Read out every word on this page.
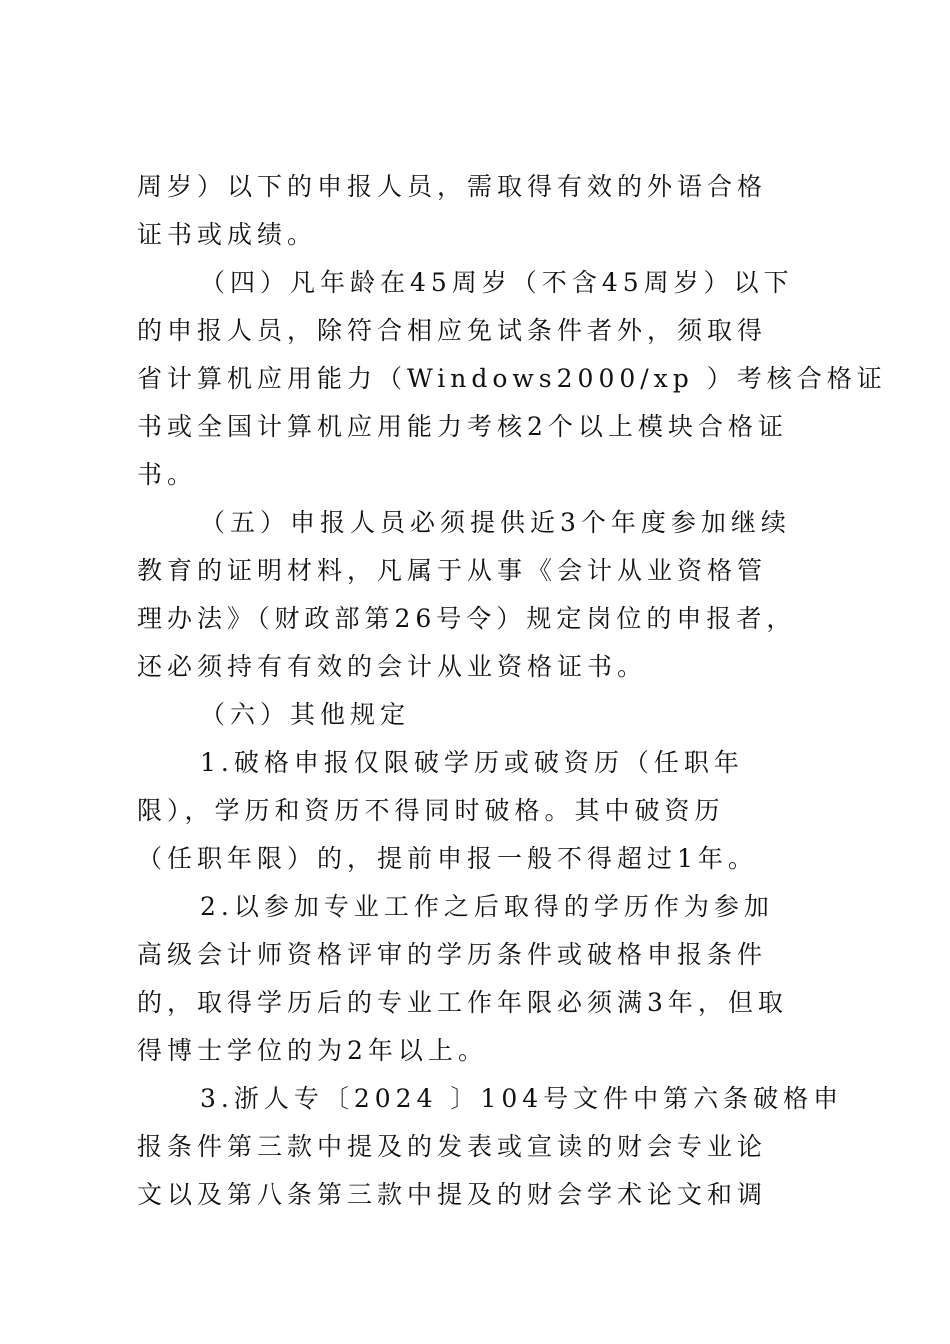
周岁）以下的申报人员，需取得有效的外语合格

证书或成绩。

（四）凡年龄在45周岁（不含45周岁）以下

的申报人员，除符合相应免试条件者外，须取得

省计算机应用能力（Windows2000/xp ）考核合格证

书或全国计算机应用能力考核2个以上模块合格证

书。

（五）申报人员必须提供近3个年度参加继续

教育的证明材料，凡属于从事《会计从业资格管

理办法》（财政部第26号令）规定岗位的申报者，

还必须持有有效的会计从业资格证书。

（六）其他规定

1.破格申报仅限破学历或破资历（任职年

限），学历和资历不得同时破格。其中破资历

（任职年限）的，提前申报一般不得超过1年。

2.以参加专业工作之后取得的学历作为参加

高级会计师资格评审的学历条件或破格申报条件

的，取得学历后的专业工作年限必须满3年，但取

得博士学位的为2年以上。

3.浙人专〔2024 〕104号文件中第六条破格申

报条件第三款中提及的发表或宣读的财会专业论

文以及第八条第三款中提及的财会学术论文和调
